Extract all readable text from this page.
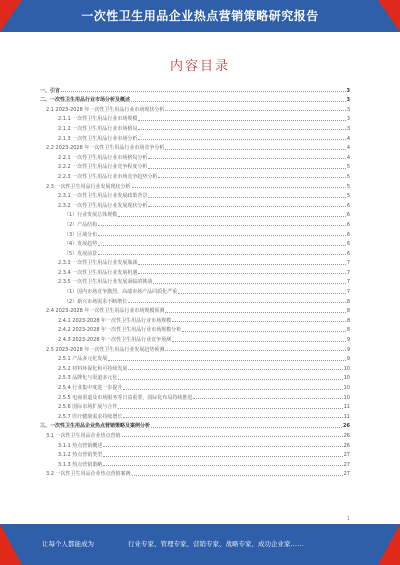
一次性卫生用品企业热点营销策略研究报告
内容目录
一、引言	3
二、一次性卫生用品行业市场分析及概述	3
2.1 2023-2028 年一次性卫生用品行业市场现状分析	3
2.1.1 一次性卫生用品行业市场规模	3
2.1.2 一次性卫生用品行业市场格局	3
2.1.3 一次性卫生用品行业市场分析	4
2.2 2023-2028 年一次性卫生用品行业市场竞争分析	4
2.2.1 一次性卫生用品行业市场格局分析	4
2.2.2 一次性卫生用品行业竞争程度分析	5
2.2.3 一次性卫生用品行业市场竞争趋势分析	5
2.3 一次性卫生用品行业发展现状分析	5
2.3.1 一次性卫生用品行业发展政策背景	5
2.3.2 一次性卫生用品行业发展现状分析	6
（1）行业发展总体规模	6
（2）产品结构	6
（3）区域分布	6
（4）发展趋势	6
（5）发展前景	6
2.3.3 一次性卫生用品行业发展瓶颈	7
2.3.4 一次性卫生用品行业发展机遇	7
2.3.5 一次性卫生用品行业发展面临的挑战	7
（1）国内市场竞争激烈，高端市场产品同质化严重	7
（2）新兴市场需求不断增长	8
2.4 2023-2028 年一次性卫生用品行业市场规模预测	8
2.4.1 2023-2028 年一次性卫生用品行业市场规模	8
2.4.2 2023-2028 年一次性卫生用品行业市场规模分析	8
2.4.3 2023-2028 年一次性卫生用品行业竞争预测	9
2.5 2023-2028 年一次性卫生用品行业发展趋势预测	9
2.5.1 产品多元化发展	9
2.5.2 材料环保化和可持续发展	10
2.5.3 品牌化与渠道多元化	10
2.5.4 行业集中度进一步提升	10
2.5.5 电商渠道及市场服务等日益重要，国际化布局持续推进	10
2.5.6 国际市场扩展与合作	11
2.5.7 医疗健康需求持续增长	11
三、一次性卫生用品企业热点营销策略及案例分析	26
3.1 一次性卫生用品企业热点营销	26
3.1.1 热点营销概述	26
3.1.2 热点营销类型	27
3.1.3 热点营销策略	27
3.2 一次性卫生用品企业热点营销案例	27
1
让每个人都能成为	行业专家、管理专家、营销专家、战略专家、成功企业家……
